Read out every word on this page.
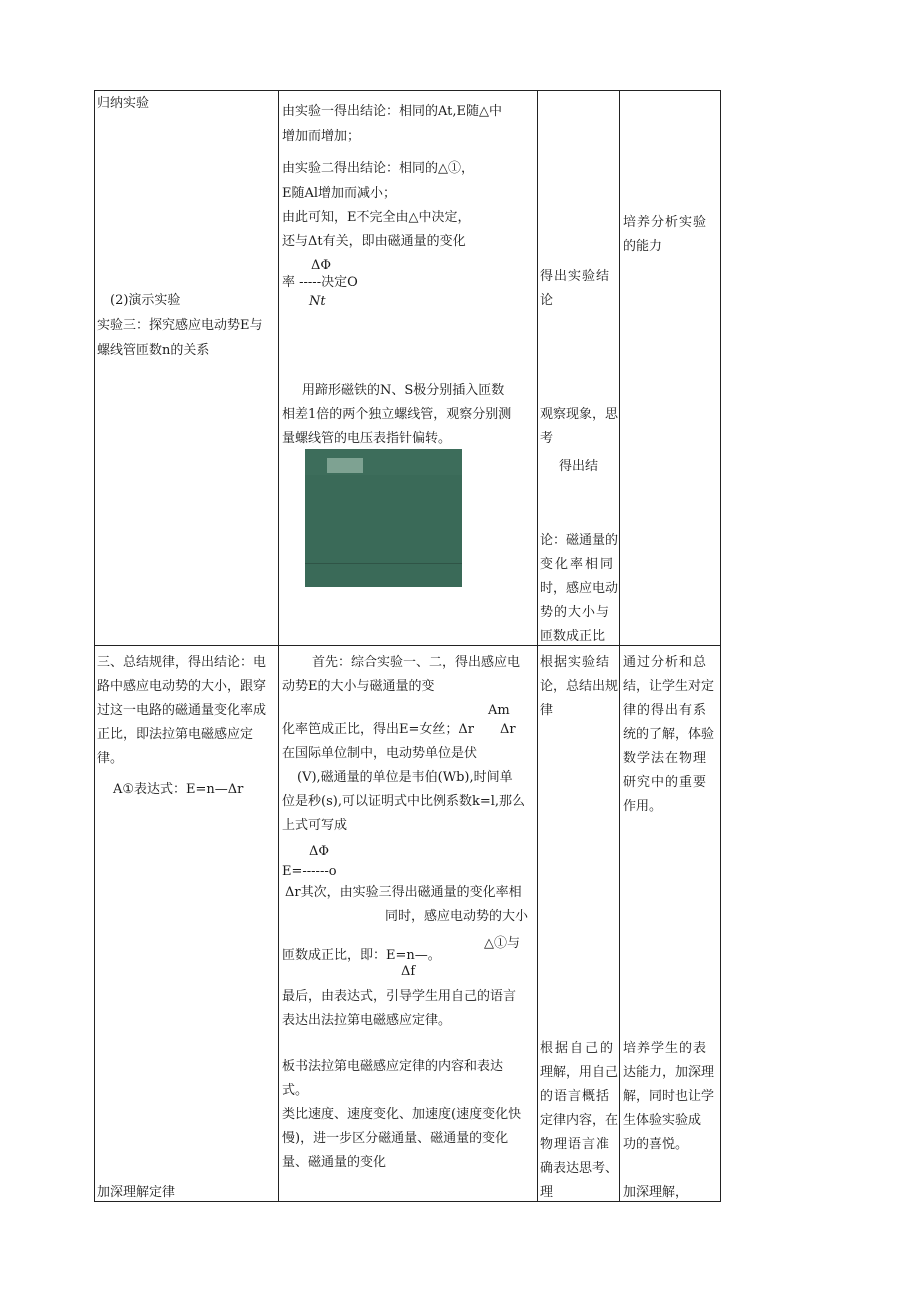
归纳实验
(2)演示实验
实验三：探究感应电动势E与
螺线管匝数n的关系
三、总结规律，得出结论：电
路中感应电动势的大小，跟穿
过这一电路的磁通量变化率成
正比，即法拉第电磁感应定
律。
A①表达式：E=n—Δr
加深理解定律
由实验一得出结论：相同的At,E随△中
增加而增加；
由实验二得出结论：相同的△①，
E随Al增加而减小；
由此可知，E不完全由△中决定，
还与Δt有关，即由磁通量的变化
ΔΦ
率 -----决定O
Nt
用蹄形磁铁的N、S极分别插入匝数
相差1倍的两个独立螺线管，观察分别测
量螺线管的电压表指针偏转。
首先：综合实验一、二，得出感应电
动势E的大小与磁通量的变
Am
化率笆成正比，得出E=女丝；Δr Δr
在国际单位制中，电动势单位是伏
(V),磁通量的单位是韦伯(Wb),时间单
位是秒(s),可以证明式中比例系数k=l,那么
上式可写成
ΔΦ
E=------o
Δr其次，由实验三得出磁通量的变化率相
同时，感应电动势的大小
△①与
匝数成正比，即：E=n—。
Δf
最后，由表达式，引导学生用自己的语言
表达出法拉第电磁感应定律。
板书法拉第电磁感应定律的内容和表达
式。
类比速度、速度变化、加速度(速度变化快
慢)，进一步区分磁通量、磁通量的变化
量、磁通量的变化
得出实验结
论
观察现象，思
考
得出结
论：磁通量的
变化率相同
时，感应电动
势的大小与
匝数成正比
根据实验结
论，总结出规
律
根据自己的
理解，用自己
的语言概括
定律内容，在
物理语言准
确表达思考、
理
培养分析实验
的能力
通过分析和总
结，让学生对定
律的得出有系
统的了解，体验
数学法在物理
研究中的重要
作用。
培养学生的表
达能力，加深理
解，同时也让学
生体验实验成
功的喜悦。
加深理解，
